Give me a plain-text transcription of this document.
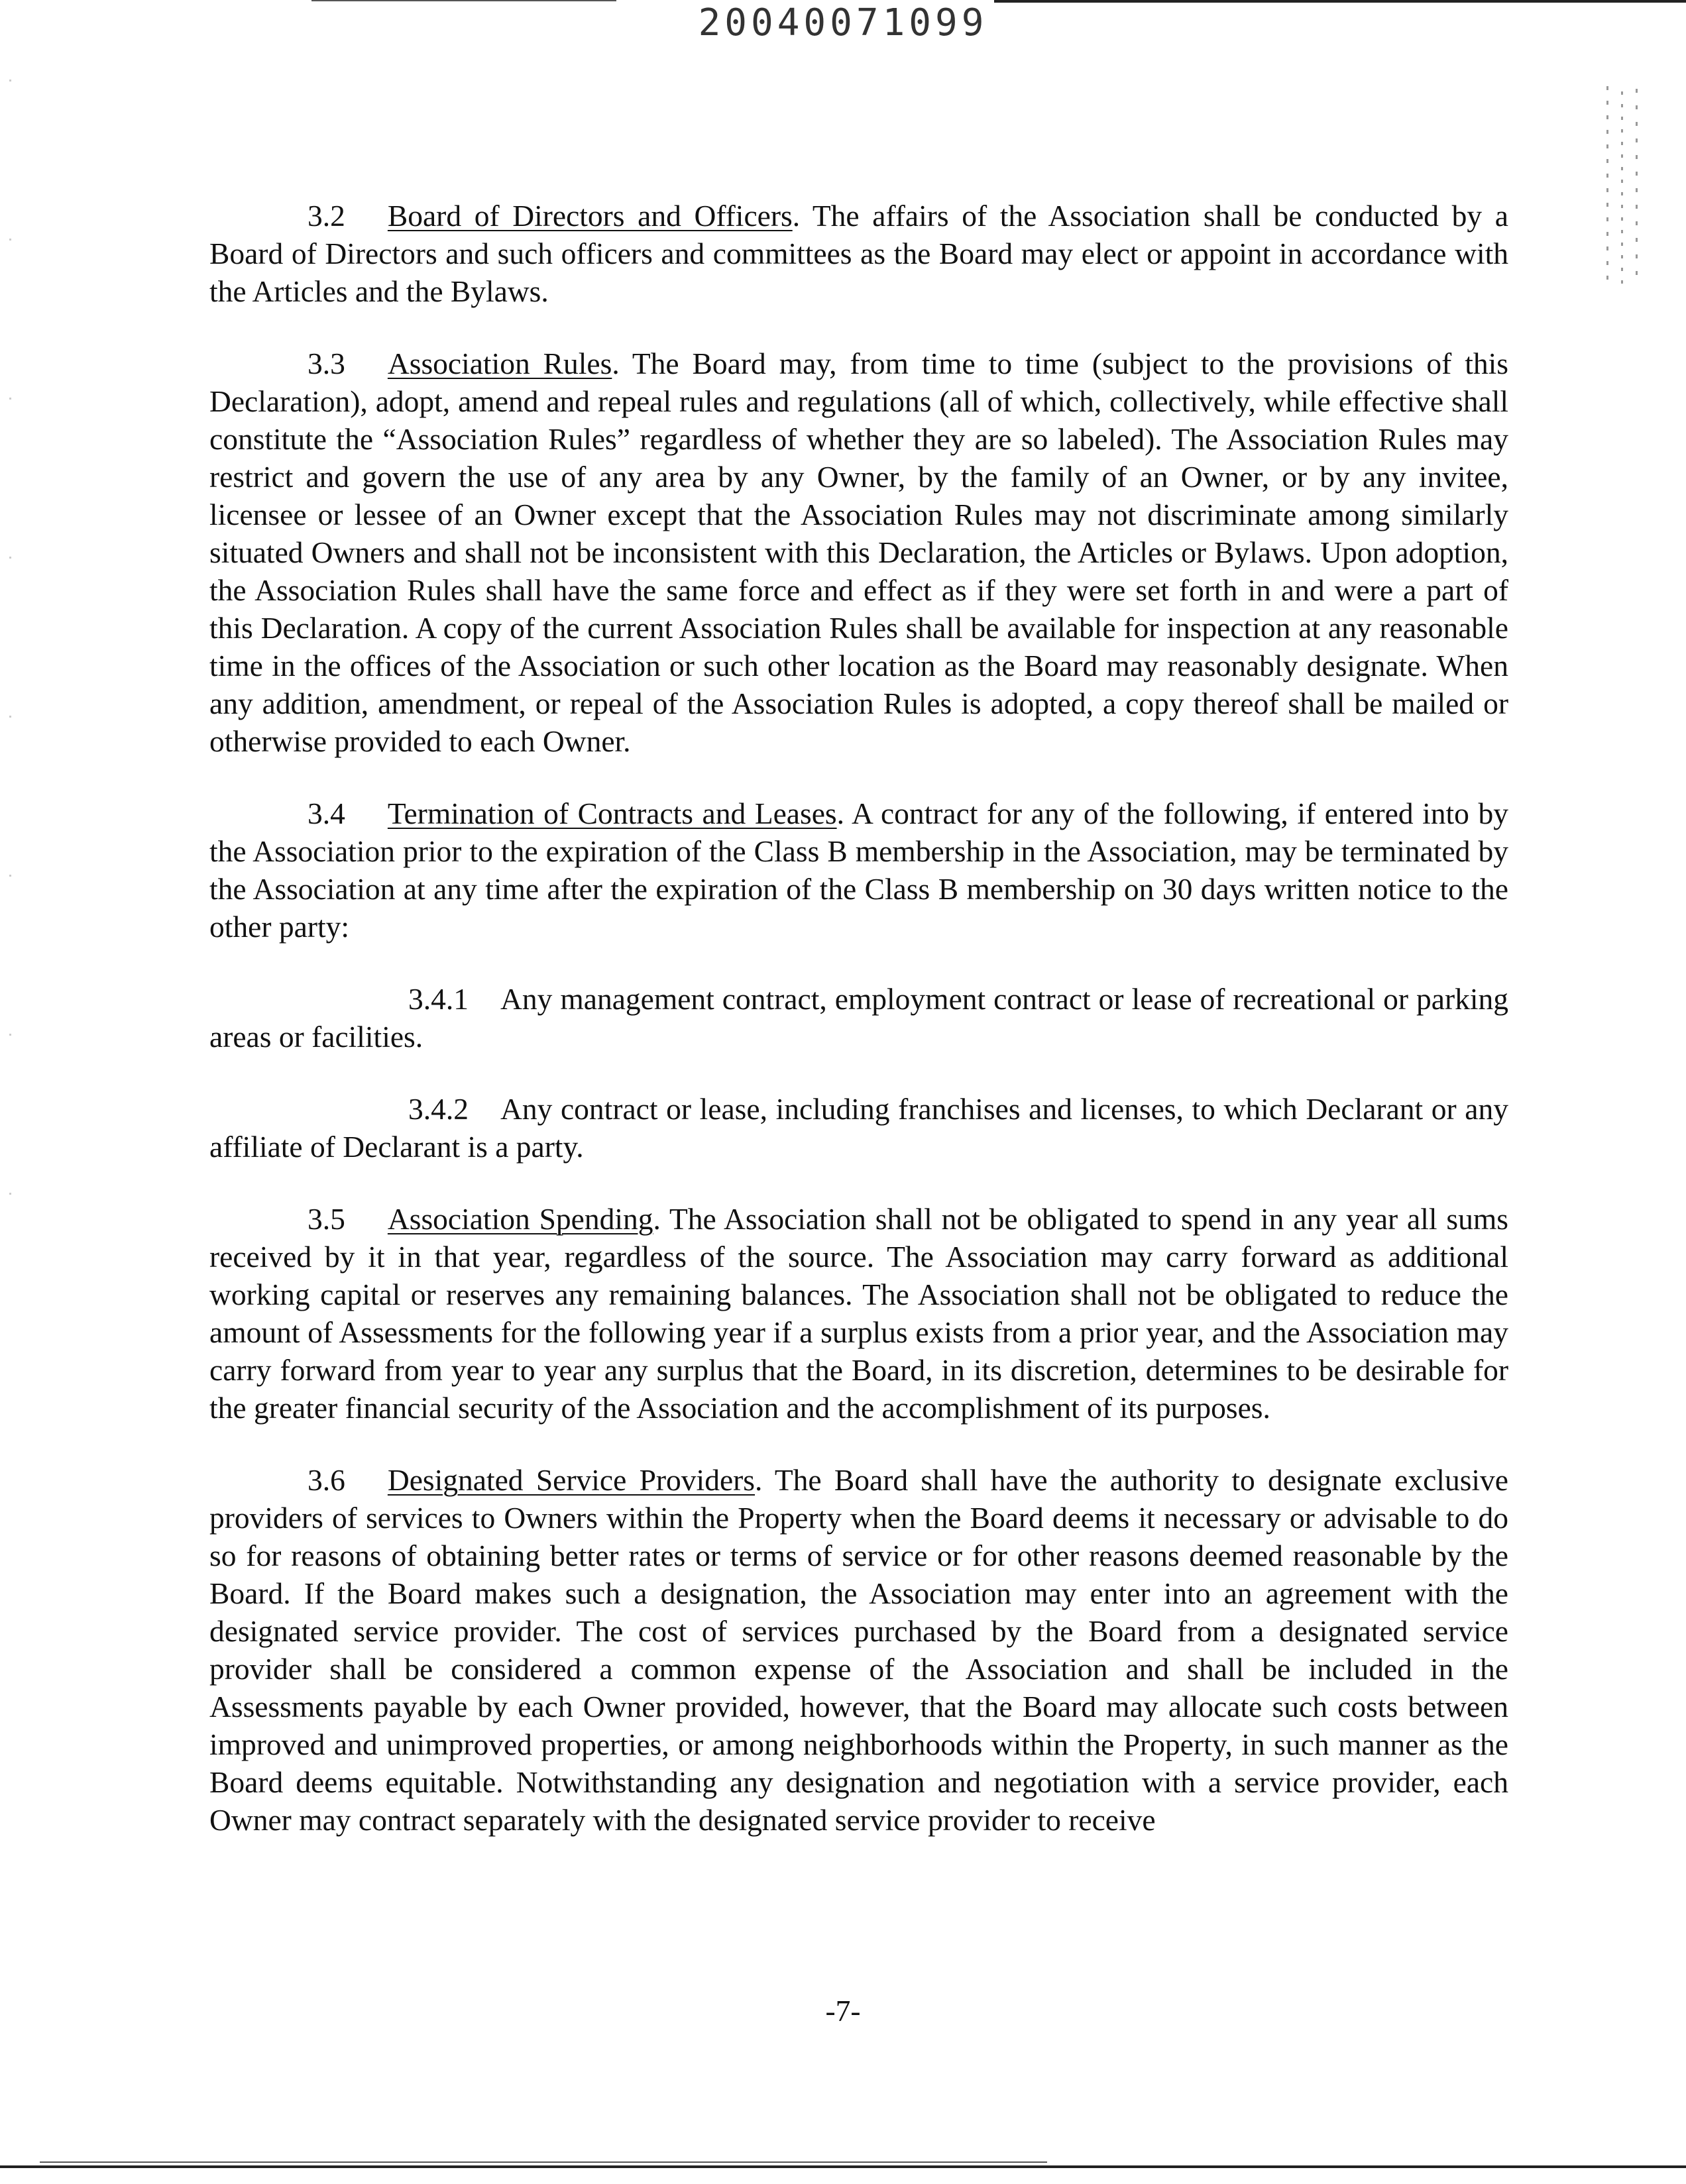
20040071099

3.2 Board of Directors and Officers. The affairs of the Association shall be conducted by a Board of Directors and such officers and committees as the Board may elect or appoint in accordance with the Articles and the Bylaws.

3.3 Association Rules. The Board may, from time to time (subject to the provisions of this Declaration), adopt, amend and repeal rules and regulations (all of which, collectively, while effective shall constitute the “Association Rules” regardless of whether they are so labeled). The Association Rules may restrict and govern the use of any area by any Owner, by the family of an Owner, or by any invitee, licensee or lessee of an Owner except that the Association Rules may not discriminate among similarly situated Owners and shall not be inconsistent with this Declaration, the Articles or Bylaws. Upon adoption, the Association Rules shall have the same force and effect as if they were set forth in and were a part of this Declaration. A copy of the current Association Rules shall be available for inspection at any reasonable time in the offices of the Association or such other location as the Board may reasonably designate. When any addition, amendment, or repeal of the Association Rules is adopted, a copy thereof shall be mailed or otherwise provided to each Owner.

3.4 Termination of Contracts and Leases. A contract for any of the following, if entered into by the Association prior to the expiration of the Class B membership in the Association, may be terminated by the Association at any time after the expiration of the Class B membership on 30 days written notice to the other party:

3.4.1 Any management contract, employment contract or lease of recreational or parking areas or facilities.

3.4.2 Any contract or lease, including franchises and licenses, to which Declarant or any affiliate of Declarant is a party.

3.5 Association Spending. The Association shall not be obligated to spend in any year all sums received by it in that year, regardless of the source. The Association may carry forward as additional working capital or reserves any remaining balances. The Association shall not be obligated to reduce the amount of Assessments for the following year if a surplus exists from a prior year, and the Association may carry forward from year to year any surplus that the Board, in its discretion, determines to be desirable for the greater financial security of the Association and the accomplishment of its purposes.

3.6 Designated Service Providers. The Board shall have the authority to designate exclusive providers of services to Owners within the Property when the Board deems it necessary or advisable to do so for reasons of obtaining better rates or terms of service or for other reasons deemed reasonable by the Board. If the Board makes such a designation, the Association may enter into an agreement with the designated service provider. The cost of services purchased by the Board from a designated service provider shall be considered a common expense of the Association and shall be included in the Assessments payable by each Owner provided, however, that the Board may allocate such costs between improved and unimproved properties, or among neighborhoods within the Property, in such manner as the Board deems equitable. Notwithstanding any designation and negotiation with a service provider, each Owner may contract separately with the designated service provider to receive

-7-
